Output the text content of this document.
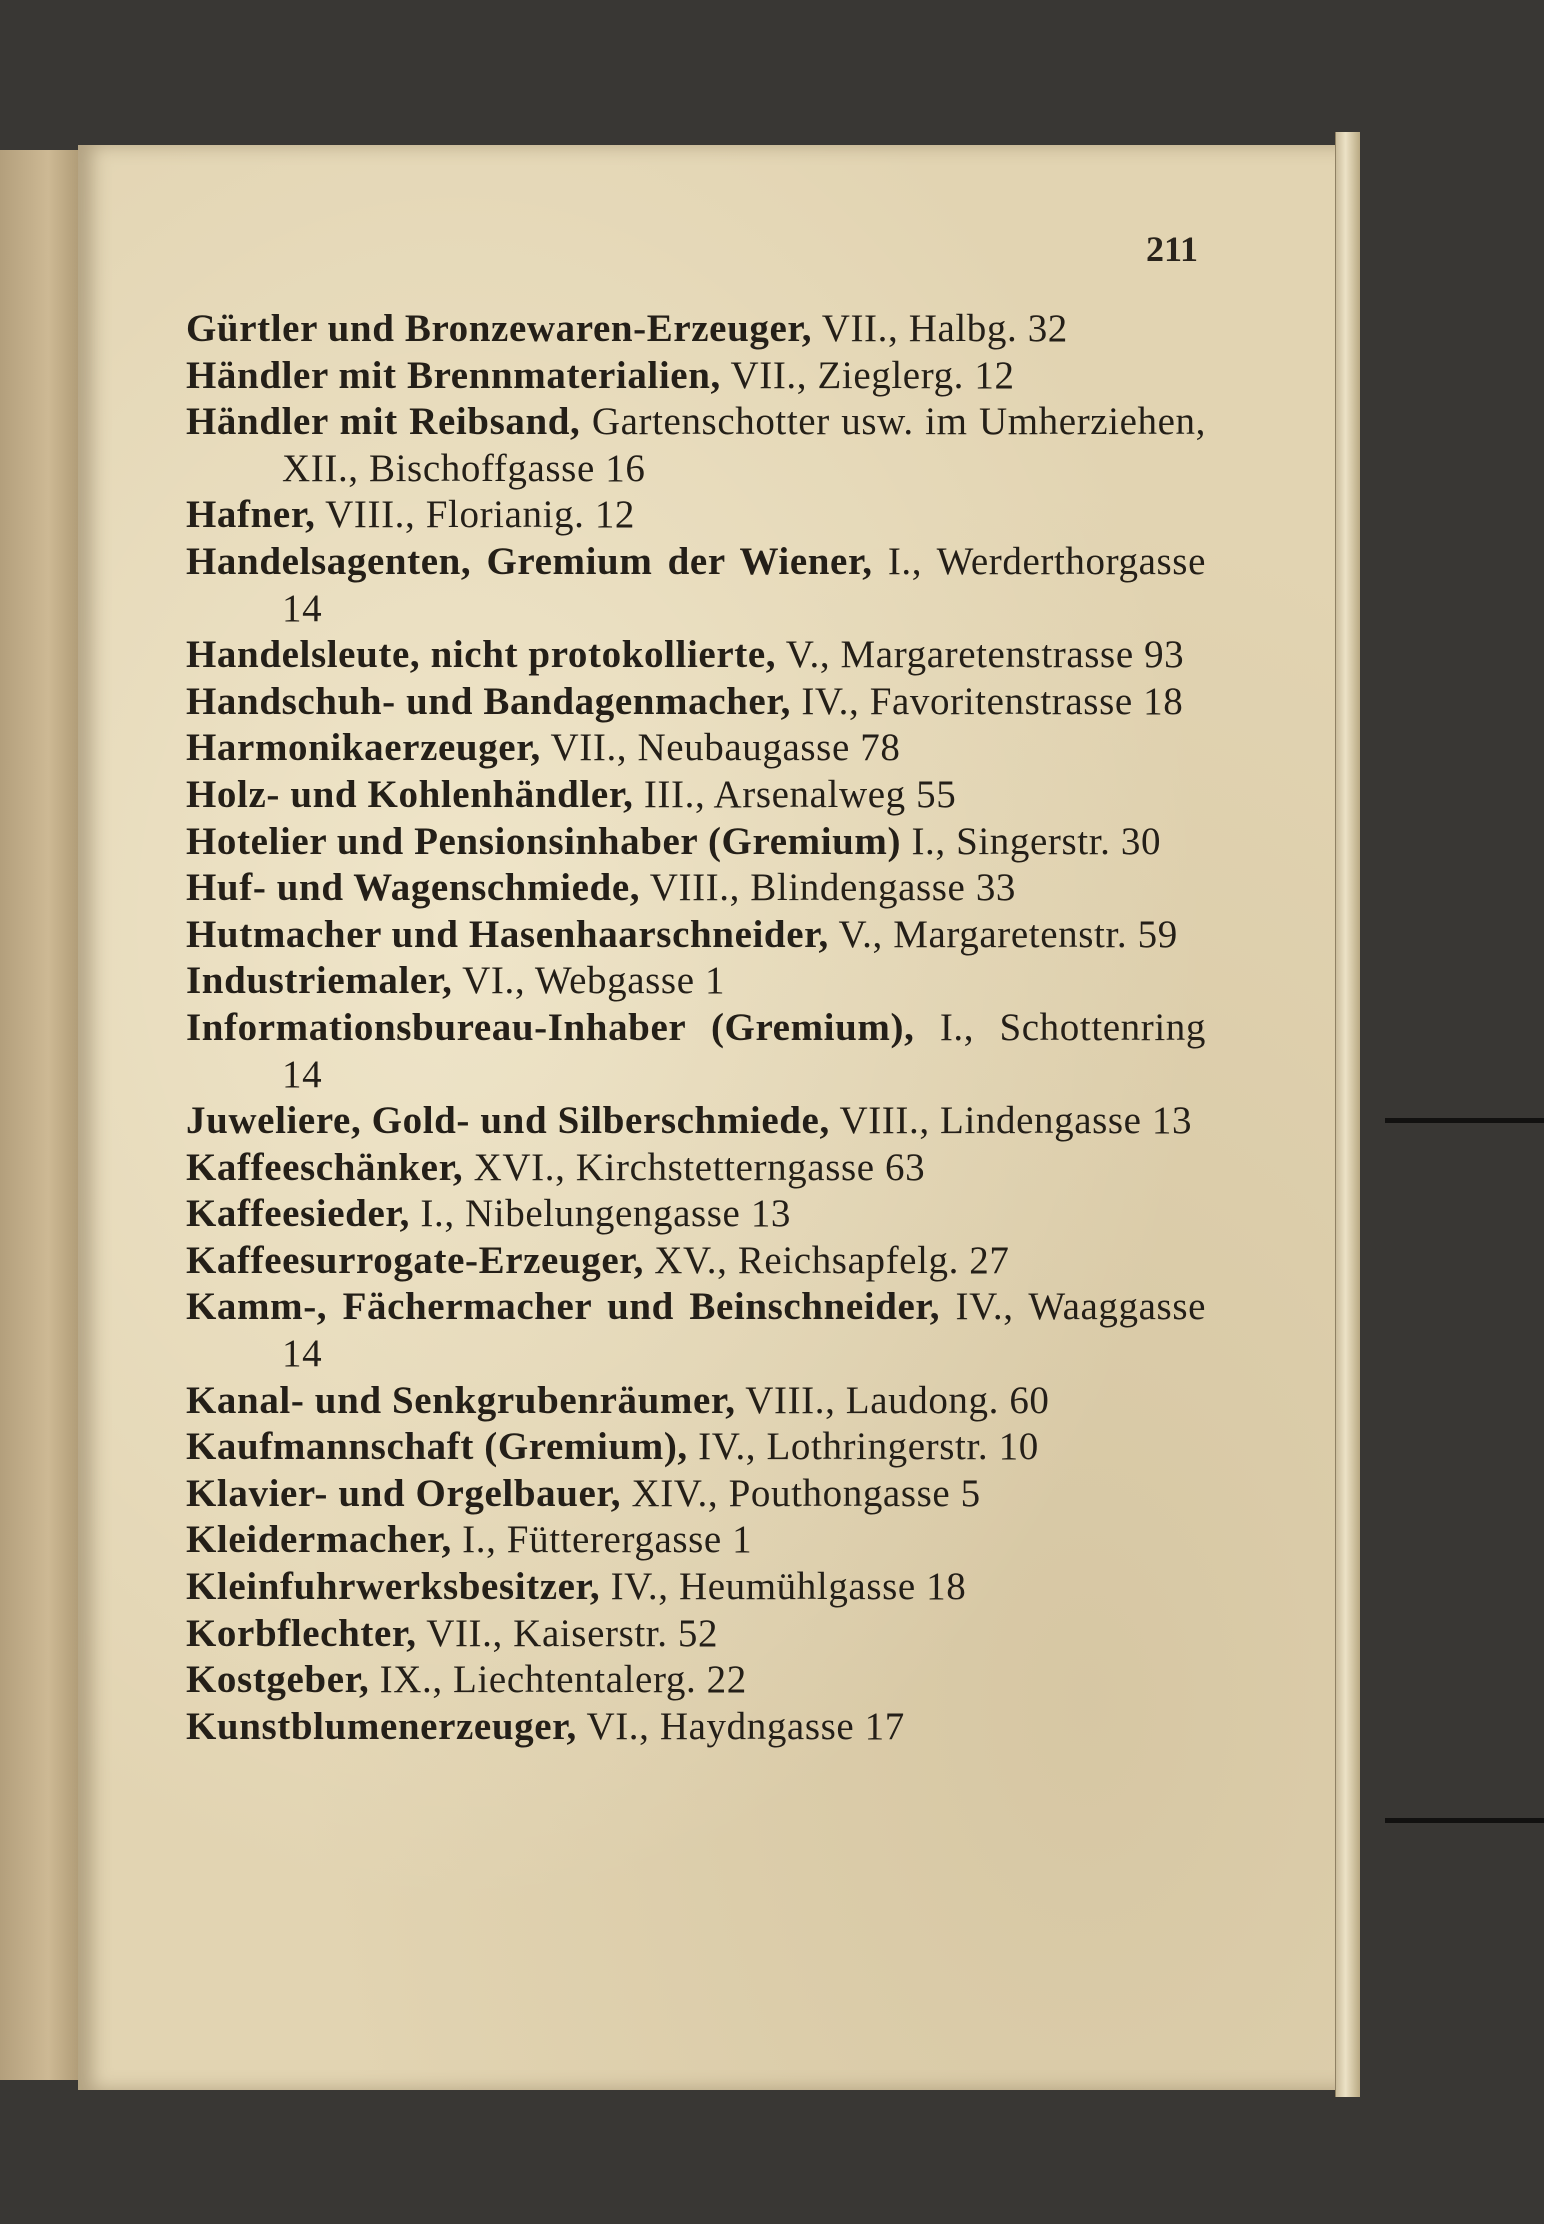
211

Gürtler und Bronzewaren-Erzeuger, VII., Halbg. 32

Händler mit Brennmaterialien, VII., Zieglerg. 12

Händler mit Reibsand, Gartenschotter usw. im Umherziehen, XII., Bischoffgasse 16

Hafner, VIII., Florianig. 12

Handelsagenten, Gremium der Wiener, I., Werderthorgasse 14

Handelsleute, nicht protokollierte, V., Margaretenstrasse 93

Handschuh- und Bandagenmacher, IV., Favoritenstrasse 18

Harmonikaerzeuger, VII., Neubaugasse 78

Holz- und Kohlenhändler, III., Arsenalweg 55

Hotelier und Pensionsinhaber (Gremium) I., Singerstr. 30

Huf- und Wagenschmiede, VIII., Blindengasse 33

Hutmacher und Hasenhaarschneider, V., Margaretenstr. 59

Industriemaler, VI., Webgasse 1

Informationsbureau-Inhaber (Gremium), I., Schottenring 14

Juweliere, Gold- und Silberschmiede, VIII., Lindengasse 13

Kaffeeschänker, XVI., Kirchstetterngasse 63

Kaffeesieder, I., Nibelungengasse 13

Kaffeesurrogate-Erzeuger, XV., Reichsapfelg. 27

Kamm-, Fächermacher und Beinschneider, IV., Waaggasse 14

Kanal- und Senkgrubenräumer, VIII., Laudong. 60

Kaufmannschaft (Gremium), IV., Lothringerstr. 10

Klavier- und Orgelbauer, XIV., Pouthongasse 5

Kleidermacher, I., Fütterergasse 1

Kleinfuhrwerksbesitzer, IV., Heumühlgasse 18

Korbflechter, VII., Kaiserstr. 52

Kostgeber, IX., Liechtentalerg. 22

Kunstblumenerzeuger, VI., Haydngasse 17
